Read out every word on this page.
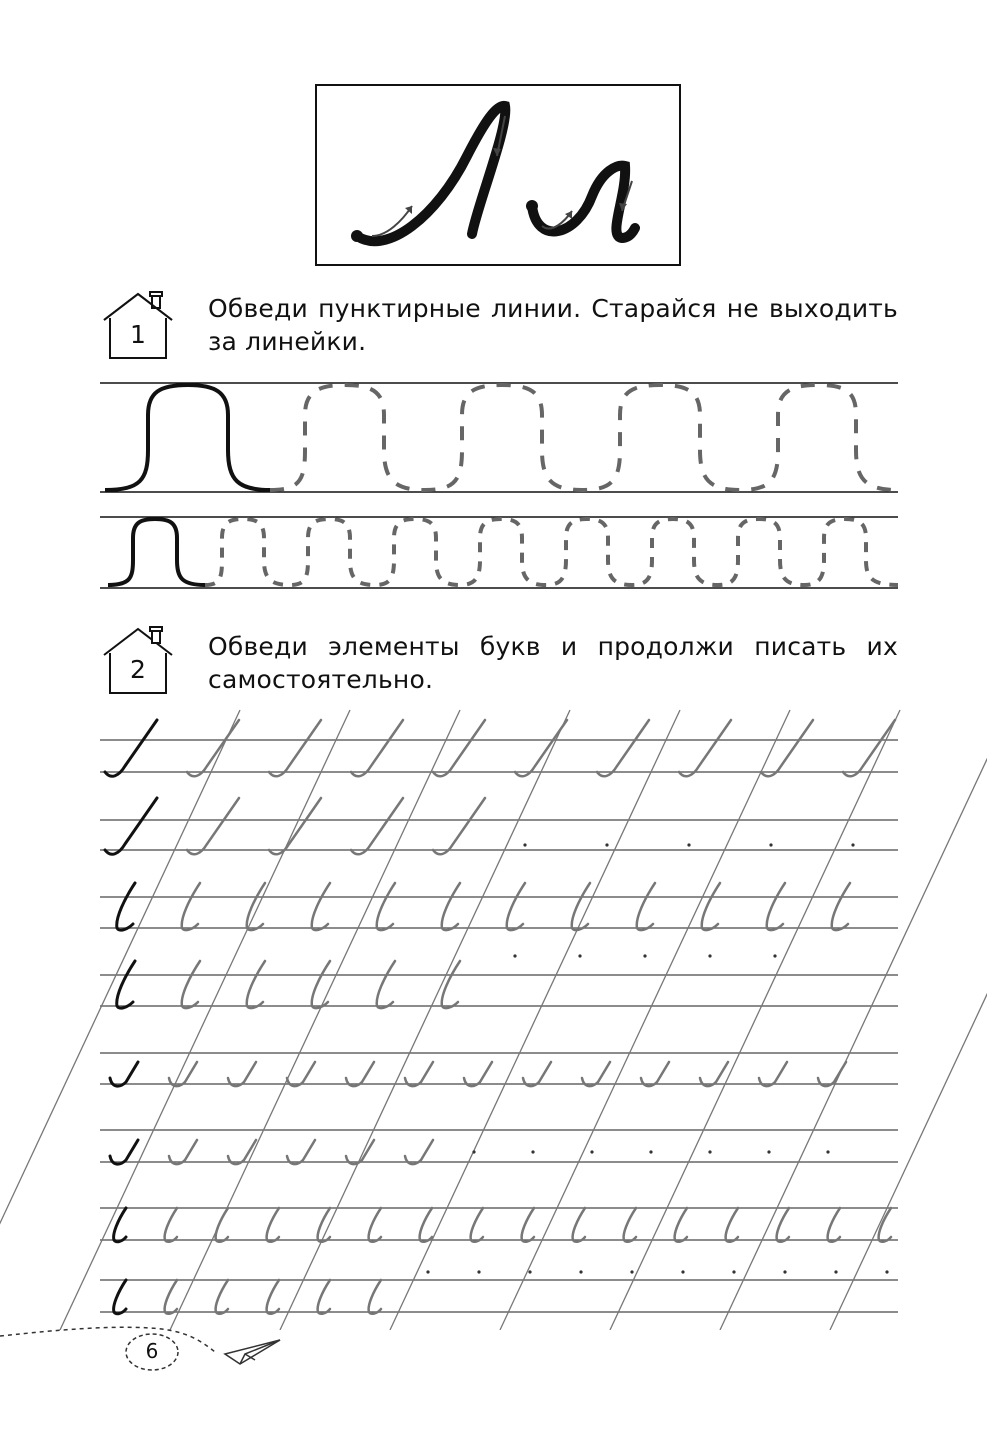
1
Обведи пунктирные линии. Старайся не выходить за линейки.
2
Обведи элементы букв и продолжи писать их самостоятельно.
6
